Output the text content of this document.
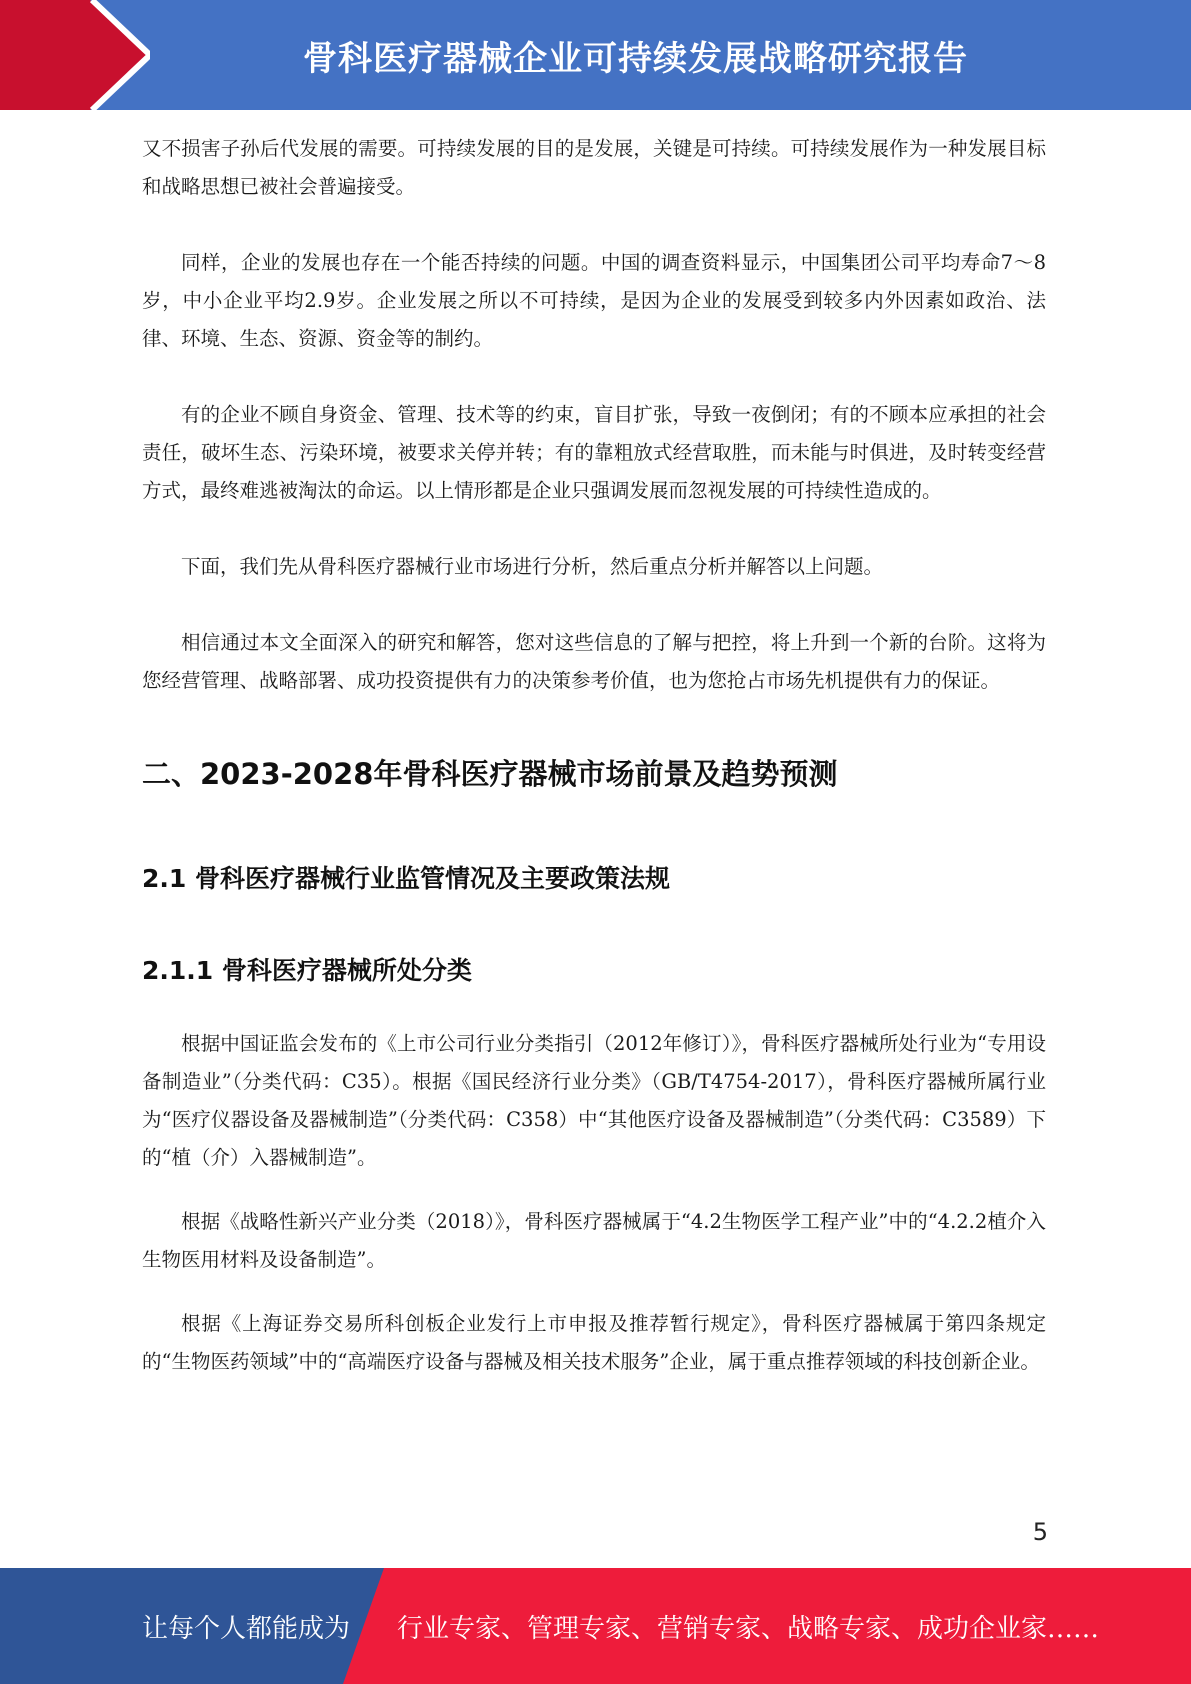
骨科医疗器械企业可持续发展战略研究报告

又不损害子孙后代发展的需要。可持续发展的目的是发展，关键是可持续。可持续发展作为一种发展目标和战略思想已被社会普遍接受。

同样，企业的发展也存在一个能否持续的问题。中国的调查资料显示，中国集团公司平均寿命7～8岁，中小企业平均2.9岁。企业发展之所以不可持续，是因为企业的发展受到较多内外因素如政治、法律、环境、生态、资源、资金等的制约。

有的企业不顾自身资金、管理、技术等的约束，盲目扩张，导致一夜倒闭；有的不顾本应承担的社会责任，破坏生态、污染环境，被要求关停并转；有的靠粗放式经营取胜，而未能与时俱进，及时转变经营方式，最终难逃被淘汰的命运。以上情形都是企业只强调发展而忽视发展的可持续性造成的。

下面，我们先从骨科医疗器械行业市场进行分析，然后重点分析并解答以上问题。

相信通过本文全面深入的研究和解答，您对这些信息的了解与把控，将上升到一个新的台阶。这将为您经营管理、战略部署、成功投资提供有力的决策参考价值，也为您抢占市场先机提供有力的保证。

二、2023-2028年骨科医疗器械市场前景及趋势预测
2.1 骨科医疗器械行业监管情况及主要政策法规
2.1.1 骨科医疗器械所处分类

根据中国证监会发布的《上市公司行业分类指引（2012年修订）》，骨科医疗器械所处行业为“专用设备制造业”（分类代码：C35）。根据《国民经济行业分类》（GB/T4754-2017），骨科医疗器械所属行业为“医疗仪器设备及器械制造”（分类代码：C358）中“其他医疗设备及器械制造”（分类代码：C3589）下的“植（介）入器械制造”。

根据《战略性新兴产业分类（2018）》，骨科医疗器械属于“4.2生物医学工程产业”中的“4.2.2植介入生物医用材料及设备制造”。

根据《上海证券交易所科创板企业发行上市申报及推荐暂行规定》，骨科医疗器械属于第四条规定的“生物医药领域”中的“高端医疗设备与器械及相关技术服务”企业，属于重点推荐领域的科技创新企业。

5
让每个人都能成为 行业专家、管理专家、营销专家、战略专家、成功企业家……
